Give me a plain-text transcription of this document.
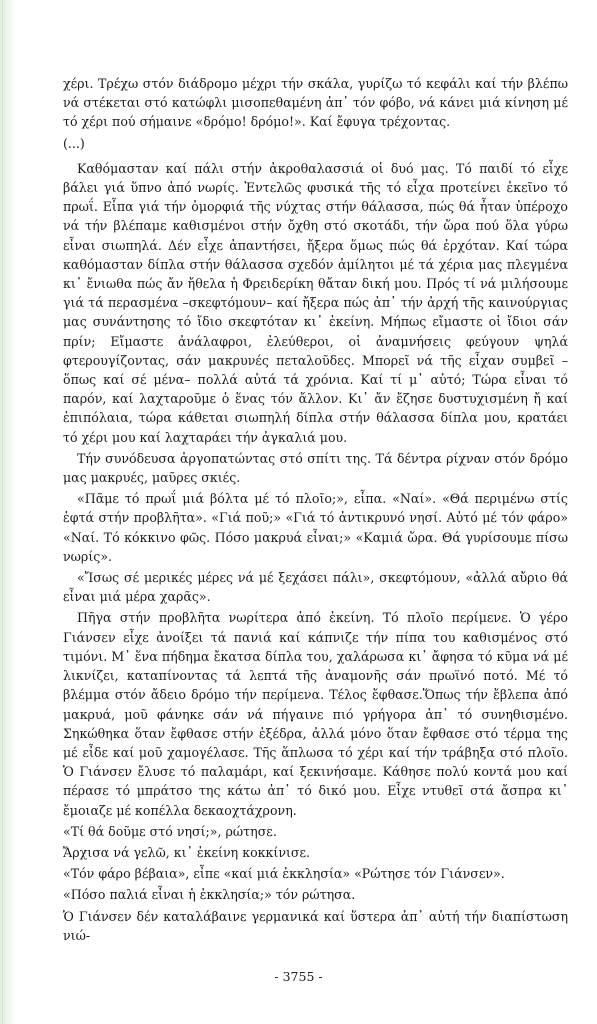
χέρι. Τρέχω στόν διάδρομο μέχρι τήν σκάλα, γυρίζω τό κεφάλι καί τήν βλέπω νά στέκεται στό κατώφλι μισοπεθαμένη ἀπ᾿ τόν φόβο, νά κάνει μιά κίνηση μέ τό χέρι πού σήμαινε «δρόμο! δρόμο!». Καί ἔφυγα τρέχοντας.

(...)

Καθόμασταν καί πάλι στήν ἀκροθαλασσιά οἱ δυό μας. Τό παιδί τό εἶχε βάλει γιά ὕπνο ἀπό νωρίς. Ἐντελῶς φυσικά τῆς τό εἶχα προτείνει ἐκεῖνο τό πρωΐ. Εἶπα γιά τήν ὀμορφιά τῆς νύχτας στήν θάλασσα, πώς θά ἦταν ὑπέροχο νά τήν βλέπαμε καθισμένοι στήν ὄχθη στό σκοτάδι, τήν ὥρα πού ὅλα γύρω εἶναι σιωπηλά. Δέν εἶχε ἀπαντήσει, ἤξερα ὅμως πώς θά ἐρχόταν. Καί τώρα καθόμασταν δίπλα στήν θάλασσα σχεδόν ἀμίλητοι μέ τά χέρια μας πλεγμένα κι᾿ ἔνιωθα πώς ἄν ἤθελα ἡ Φρειδερίκη θἄταν δική μου. Πρός τί νά μιλήσουμε γιά τά περασμένα –σκεφτόμουν– καί ἤξερα πώς ἀπ᾿ τήν ἀρχή τῆς καινούργιας μας συνάντησης τό ἴδιο σκεφτόταν κι᾿ ἐκείνη. Μήπως εἴμαστε οἱ ἴδιοι σάν πρίν; Εἴμαστε ἀνάλαφροι, ἐλεύθεροι, οἱ ἀναμνήσεις φεύγουν ψηλά φτερουγίζοντας, σάν μακρυνές πεταλοῦδες. Μπορεῖ νά τῆς εἶχαν συμβεῖ –ὅπως καί σέ μένα– πολλά αὐτά τά χρόνια. Καί τί μ᾿ αὐτό; Τώρα εἶναι τό παρόν, καί λαχταροῦμε ὁ ἕνας τόν ἄλλον. Κι᾿ ἄν ἔζησε δυστυχισμένη ἤ καί ἐπιπόλαια, τώρα κάθεται σιωπηλή δίπλα στήν θάλασσα δίπλα μου, κρατάει τό χέρι μου καί λαχταράει τήν ἀγκαλιά μου.

Τήν συνόδευσα ἀργοπατώντας στό σπίτι της. Τά δέντρα ρίχναν στόν δρόμο μας μακρυές, μαῦρες σκιές.

«Πᾶμε τό πρωΐ μιά βόλτα μέ τό πλοῖο;», εἶπα. «Ναί». «Θά περιμένω στίς ἑφτά στήν προβλῆτα». «Γιά ποῦ;» «Γιά τό ἀντικρυνό νησί. Αὐτό μέ τόν φάρο» «Ναί. Τό κόκκινο φῶς. Πόσο μακρυά εἶναι;» «Καμιά ὥρα. Θά γυρίσουμε πίσω νωρίς».

«Ἴσως σέ μερικές μέρες νά μέ ξεχάσει πάλι», σκεφτόμουν, «ἀλλά αὔριο θά εἶναι μιά μέρα χαρᾶς».

Πῆγα στήν προβλῆτα νωρίτερα ἀπό ἐκείνη. Τό πλοῖο περίμενε. Ὁ γέρο Γιάνσεν εἶχε ἀνοίξει τά πανιά καί κάπνιζε τήν πίπα του καθισμένος στό τιμόνι. Μ᾿ ἕνα πήδημα ἔκατσα δίπλα του, χαλάρωσα κι᾿ ἄφησα τό κῦμα νά μέ λικνίζει, καταπίνοντας τά λεπτά τῆς ἀναμονῆς σάν πρωϊνό ποτό. Μέ τό βλέμμα στόν ἄδειο δρόμο τήν περίμενα. Τέλος ἔφθασε.Ὅπως τήν ἔβλεπα ἀπό μακρυά, μοῦ φάνηκε σάν νά πήγαινε πιό γρήγορα ἀπ᾿ τό συνηθισμένο. Σηκώθηκα ὅταν ἔφθασε στήν ἐξέδρα, ἀλλά μόνο ὅταν ἔφθασε στό τέρμα της μέ εἶδε καί μοῦ χαμογέλασε. Τῆς ἅπλωσα τό χέρι καί τήν τράβηξα στό πλοῖο. Ὁ Γιάνσεν ἔλυσε τό παλαμάρι, καί ξεκινήσαμε. Κάθησε πολύ κοντά μου καί πέρασε τό μπράτσο της κάτω ἀπ᾿ τό δικό μου. Εἶχε ντυθεῖ στά ἄσπρα κι᾿ ἔμοιαζε μέ κοπέλλα δεκαοχτάχρονη.

«Τί θά δοῦμε στό νησί;», ρώτησε.

Ἄρχισα νά γελῶ, κι᾿ ἐκείνη κοκκίνισε.

«Τόν φάρο βέβαια», εἶπε «καί μιά ἐκκλησία» «Ρώτησε τόν Γιάνσεν».

«Πόσο παλιά εἶναι ἡ ἐκκλησία;» τόν ρώτησα.

Ὁ Γιάνσεν δέν καταλάβαινε γερμανικά καί ὕστερα ἀπ᾿ αὐτή τήν διαπίστωση νιώ-

- 3755 -
